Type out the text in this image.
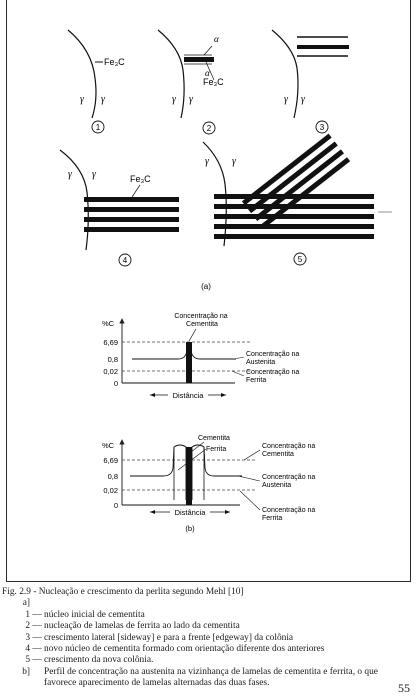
Fe₃C
γ γ
1
α
α
Fe₃C
γ γ
2
γ γ
3
γ γ	Fe₃C
4
γ γ
5
(a)
%C
6,69
0,8
0,02
0
Concentração na Cementita
Concentração na Austenita
Concentração na Ferrita
Distância
%C
6,69
0,8
0,02
0
Cementita
Ferrita	Concentração na Cementita
Concentração na Austenita
Concentração na Ferrita
Distância
(b)
Fig. 2.9 - Nucleação e crescimento da perlita segundo Mehl [10]
a]
1 — núcleo inicial de cementita
2 — nucleação de lamelas de ferrita ao lado da cementita
3 — crescimento lateral [sideway] e para a frente [edgeway] da colônia
4 — novo núcleo de cementita formado com orientação diferente dos anteriores
5 — crescimento da nova colônia.
b] Perfil de concentração na austenita na vizinhança de lamelas de cementita e ferrita, o que favorece aparecimento de lamelas alternadas das duas fases.	55
